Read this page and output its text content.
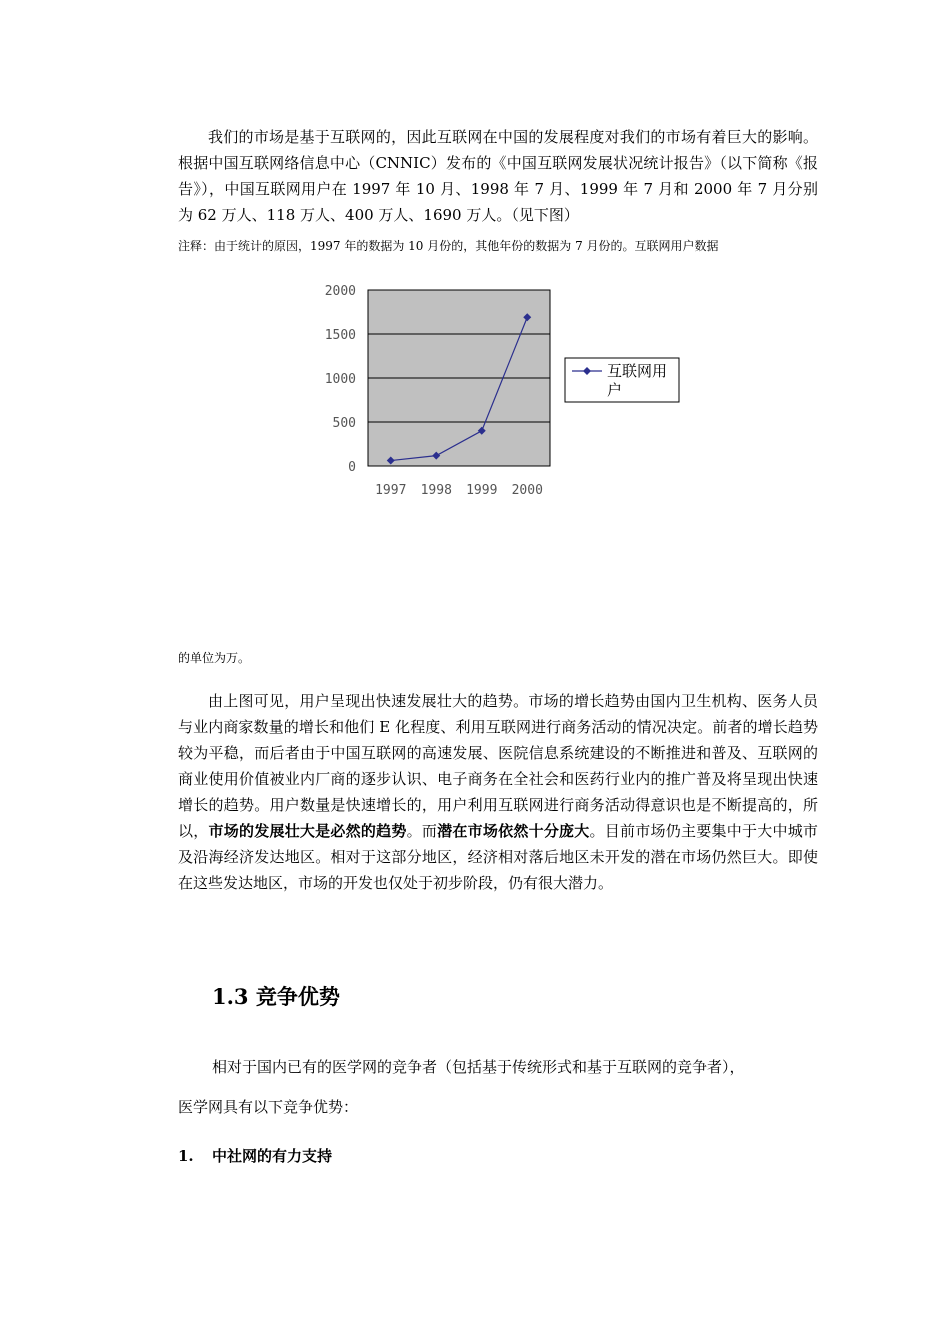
我们的市场是基于互联网的，因此互联网在中国的发展程度对我们的市场有着巨大的影响。根据中国互联网络信息中心（CNNIC）发布的《中国互联网发展状况统计报告》（以下简称《报告》），中国互联网用户在 1997 年 10 月、1998 年 7 月、1999 年 7 月和 2000 年 7 月分别为 62 万人、118 万人、400 万人、1690 万人。（见下图）

注释：由于统计的原因，1997 年的数据为 10 月份的，其他年份的数据为 7 月份的。互联网用户数据

0
500
1000
1500
2000
1997 1998 1999 2000
互联网用
户

的单位为万。

由上图可见，用户呈现出快速发展壮大的趋势。市场的增长趋势由国内卫生机构、医务人员与业内商家数量的增长和他们 E 化程度、利用互联网进行商务活动的情况决定。前者的增长趋势较为平稳，而后者由于中国互联网的高速发展、医院信息系统建设的不断推进和普及、互联网的商业使用价值被业内厂商的逐步认识、电子商务在全社会和医药行业内的推广普及将呈现出快速增长的趋势。用户数量是快速增长的，用户利用互联网进行商务活动得意识也是不断提高的，所以，市场的发展壮大是必然的趋势。而潜在市场依然十分庞大。目前市场仍主要集中于大中城市及沿海经济发达地区。相对于这部分地区，经济相对落后地区未开发的潜在市场仍然巨大。即使在这些发达地区，市场的开发也仅处于初步阶段，仍有很大潜力。

1.3 竞争优势

相对于国内已有的医学网的竞争者（包括基于传统形式和基于互联网的竞争者），

医学网具有以下竞争优势：

1. 中社网的有力支持
